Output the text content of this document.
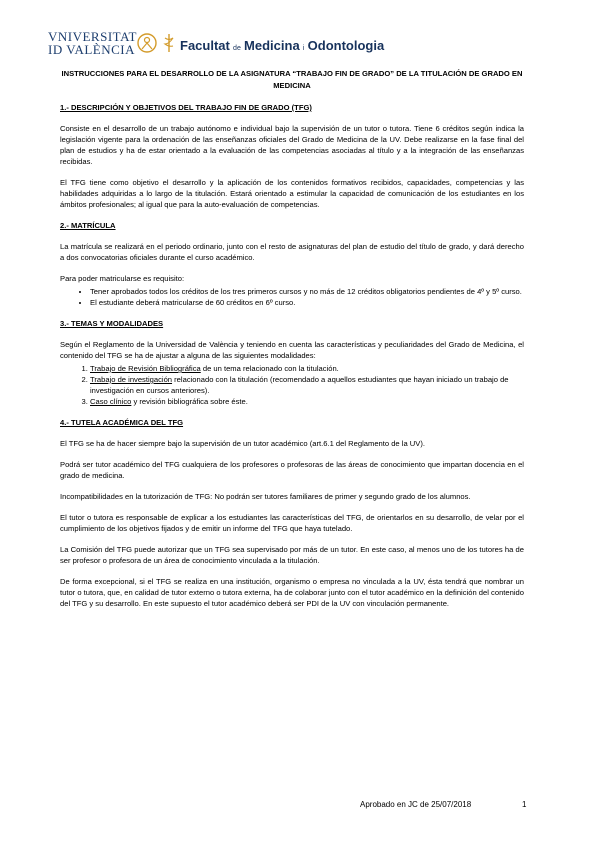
VNIVERSITAT
ID VALÈNCIA	Facultat de Medicina i Odontologia
INSTRUCCIONES PARA EL DESARROLLO DE LA ASIGNATURA “TRABAJO FIN DE GRADO” DE LA TITULACIÓN DE GRADO EN MEDICINA
1.- DESCRIPCIÓN Y OBJETIVOS DEL TRABAJO FIN DE GRADO (TFG)

Consiste en el desarrollo de un trabajo autónomo e individual bajo la supervisión de un tutor o tutora. Tiene 6 créditos según indica la legislación vigente para la ordenación de las enseñanzas oficiales del Grado de Medicina de la UV. Debe realizarse en la fase final del plan de estudios y ha de estar orientado a la evaluación de las competencias asociadas al título y a la integración de las enseñanzas recibidas.

El TFG tiene como objetivo el desarrollo y la aplicación de los contenidos formativos recibidos, capacidades, competencias y las habilidades adquiridas a lo largo de la titulación. Estará orientado a estimular la capacidad de comunicación de los estudiantes en los ámbitos profesionales; al igual que para la auto-evaluación de competencias.

2.- MATRÍCULA

La matrícula se realizará en el periodo ordinario, junto con el resto de asignaturas del plan de estudio del título de grado, y dará derecho a dos convocatorias oficiales durante el curso académico.

Para poder matricularse es requisito:

• Tener aprobados todos los créditos de los tres primeros cursos y no más de 12 créditos obligatorios pendientes de 4º y 5º curso.
• El estudiante deberá matricularse de 60 créditos en 6º curso.
3.- TEMAS Y MODALIDADES

Según el Reglamento de la Universidad de València y teniendo en cuenta las características y peculiaridades del Grado de Medicina, el contenido del TFG se ha de ajustar a alguna de las siguientes modalidades:

1. Trabajo de Revisión Bibliográfica de un tema relacionado con la titulación.
2. Trabajo de investigación relacionado con la titulación (recomendado a aquellos estudiantes que hayan iniciado un trabajo de investigación en cursos anteriores).
3. Caso clínico y revisión bibliográfica sobre éste.
4.- TUTELA ACADÉMICA DEL TFG

El TFG se ha de hacer siempre bajo la supervisión de un tutor académico (art.6.1 del Reglamento de la UV).

Podrá ser tutor académico del TFG cualquiera de los profesores o profesoras de las áreas de conocimiento que impartan docencia en el grado de medicina.

Incompatibilidades en la tutorización de TFG: No podrán ser tutores familiares de primer y segundo grado de los alumnos.

El tutor o tutora es responsable de explicar a los estudiantes las características del TFG, de orientarlos en su desarrollo, de velar por el cumplimiento de los objetivos fijados y de emitir un informe del TFG que haya tutelado.

La Comisión del TFG puede autorizar que un TFG sea supervisado por más de un tutor. En este caso, al menos uno de los tutores ha de ser profesor o profesora de un área de conocimiento vinculada a la titulación.

De forma excepcional, si el TFG se realiza en una institución, organismo o empresa no vinculada a la UV, ésta tendrá que nombrar un tutor o tutora, que, en calidad de tutor externo o tutora externa, ha de colaborar junto con el tutor académico en la definición del contenido del TFG y su desarrollo. En este supuesto el tutor académico deberá ser PDI de la UV con vinculación permanente.

Aprobado en JC de 25/07/2018	1
